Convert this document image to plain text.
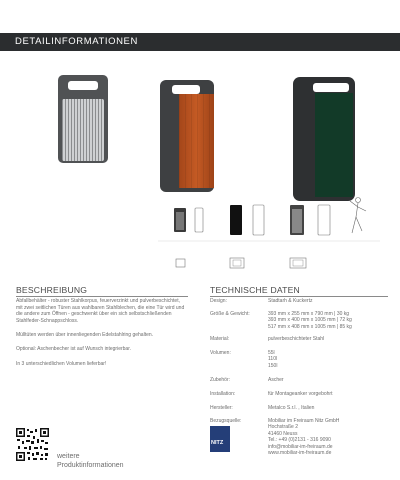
DETAILINFORMATIONEN
BESCHREIBUNG
Abfallbehälter - robuster Stahlkorpus, feuerverzinkt und pulverbeschichtet, mit zwei seitlichen Türen aus wahlbaren Stahlblechen, die eine Tür wird und die andere zum Öffnen - geschwenkt über ein sich selbstschließenden Stahlfeder-Schnappschloss.
Mülltüten werden über innenliegenden Edelstahlring gehalten.
Optional: Aschenbecher ist auf Wunsch integrierbar.
In 3 unterschiedlichen Volumen lieferbar!
TECHNISCHE DATEN
Design:	Stadtarh & Kuckertz
Größe & Gewicht:	393 mm x 255 mm x 790 mm | 30 kg
393 mm x 400 mm x 1005 mm | 72 kg
517 mm x 408 mm x 1005 mm | 85 kg
Material:	pulverbeschichteter Stahl
Volumen:	55l
110l
150l
Zubehör:	Ascher
Installation:	für Montageanker vorgebohrt
Hersteller:	Metalco S.r.l. , Italien
Bezugsquelle:	Mobiliar im Freiraum Nitz GmbH
Hochstraße 2
41460 Neuss
Tel.: +49 (0)2131 - 316 9090
info@mobiliar-im-freiraum.de
www.mobiliar-im-freiraum.de
NITZ
weitere
Produktinformationen
